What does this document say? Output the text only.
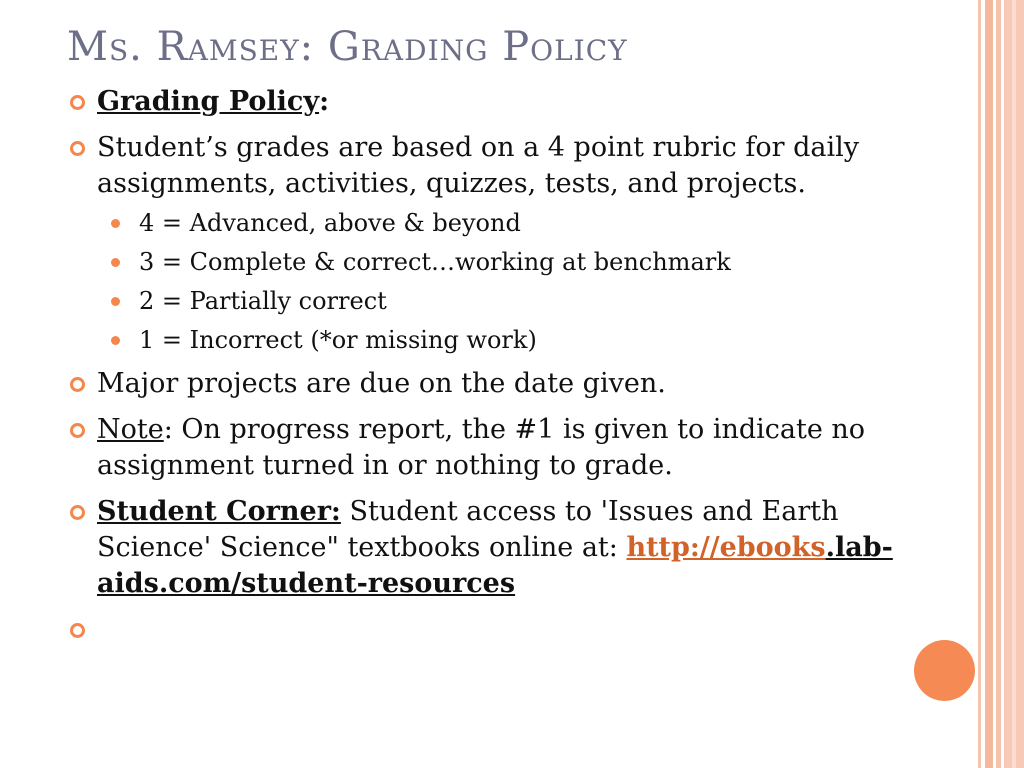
Ms. Ramsey: Grading Policy
Grading Policy:
Student’s grades are based on a 4 point rubric for daily assignments, activities, quizzes, tests, and projects.
4 = Advanced, above & beyond
3 = Complete & correct…working at benchmark
2 = Partially correct
1 = Incorrect (*or missing work)
Major projects are due on the date given.
Note: On progress report, the #1 is given to indicate no assignment turned in or nothing to grade.
Student Corner: Student access to 'Issues and Earth Science' Science" textbooks online at: http://ebooks.lab-aids.com/student-resources
